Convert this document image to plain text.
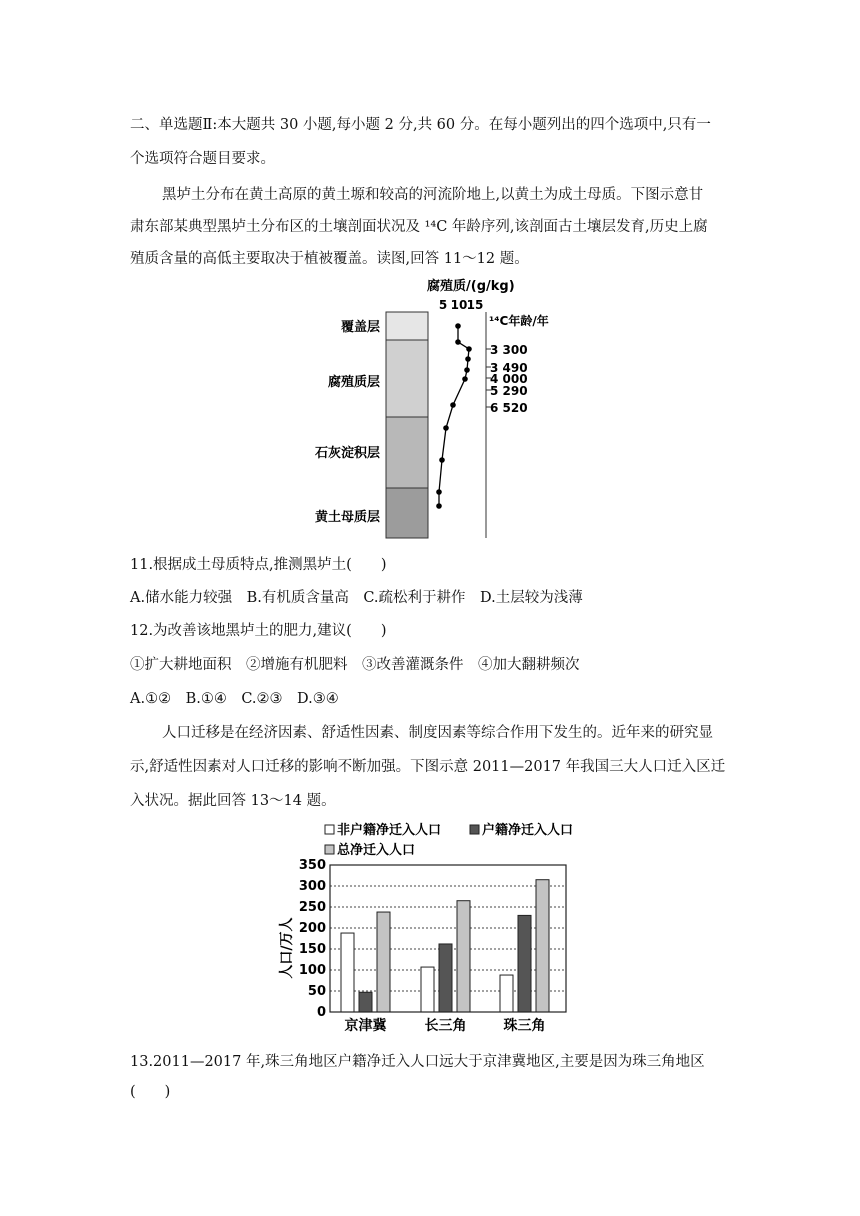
二、单选题Ⅱ:本大题共 30 小题,每小题 2 分,共 60 分。在每小题列出的四个选项中,只有一
个选项符合题目要求。
黑垆土分布在黄土高原的黄土塬和较高的河流阶地上,以黄土为成土母质。下图示意甘
肃东部某典型黑垆土分布区的土壤剖面状况及 ¹⁴C 年龄序列,该剖面古土壤层发育,历史上腐
殖质含量的高低主要取决于植被覆盖。读图,回答 11～12 题。
腐殖质/(g/kg)
5 10 15
¹⁴C年龄/年
覆盖层
腐殖质层
石灰淀积层
黄土母质层
3 300
3 490
4 000
5 290
6 520
11.根据成土母质特点,推测黑垆土(　　)
A.储水能力较强　B.有机质含量高　C.疏松利于耕作　D.土层较为浅薄
12.为改善该地黑垆土的肥力,建议(　　)
①扩大耕地面积　②增施有机肥料　③改善灌溉条件　④加大翻耕频次
A.①②　B.①④　C.②③　D.③④
人口迁移是在经济因素、舒适性因素、制度因素等综合作用下发生的。近年来的研究显
示,舒适性因素对人口迁移的影响不断加强。下图示意 2011—2017 年我国三大人口迁入区迁
入状况。据此回答 13～14 题。
非户籍净迁入人口	户籍净迁入人口
总净迁入人口
人口/万人
0
50
100
150
200
250
300
350
京津冀	长三角	珠三角
13.2011—2017 年,珠三角地区户籍净迁入人口远大于京津冀地区,主要是因为珠三角地区
(　　)
